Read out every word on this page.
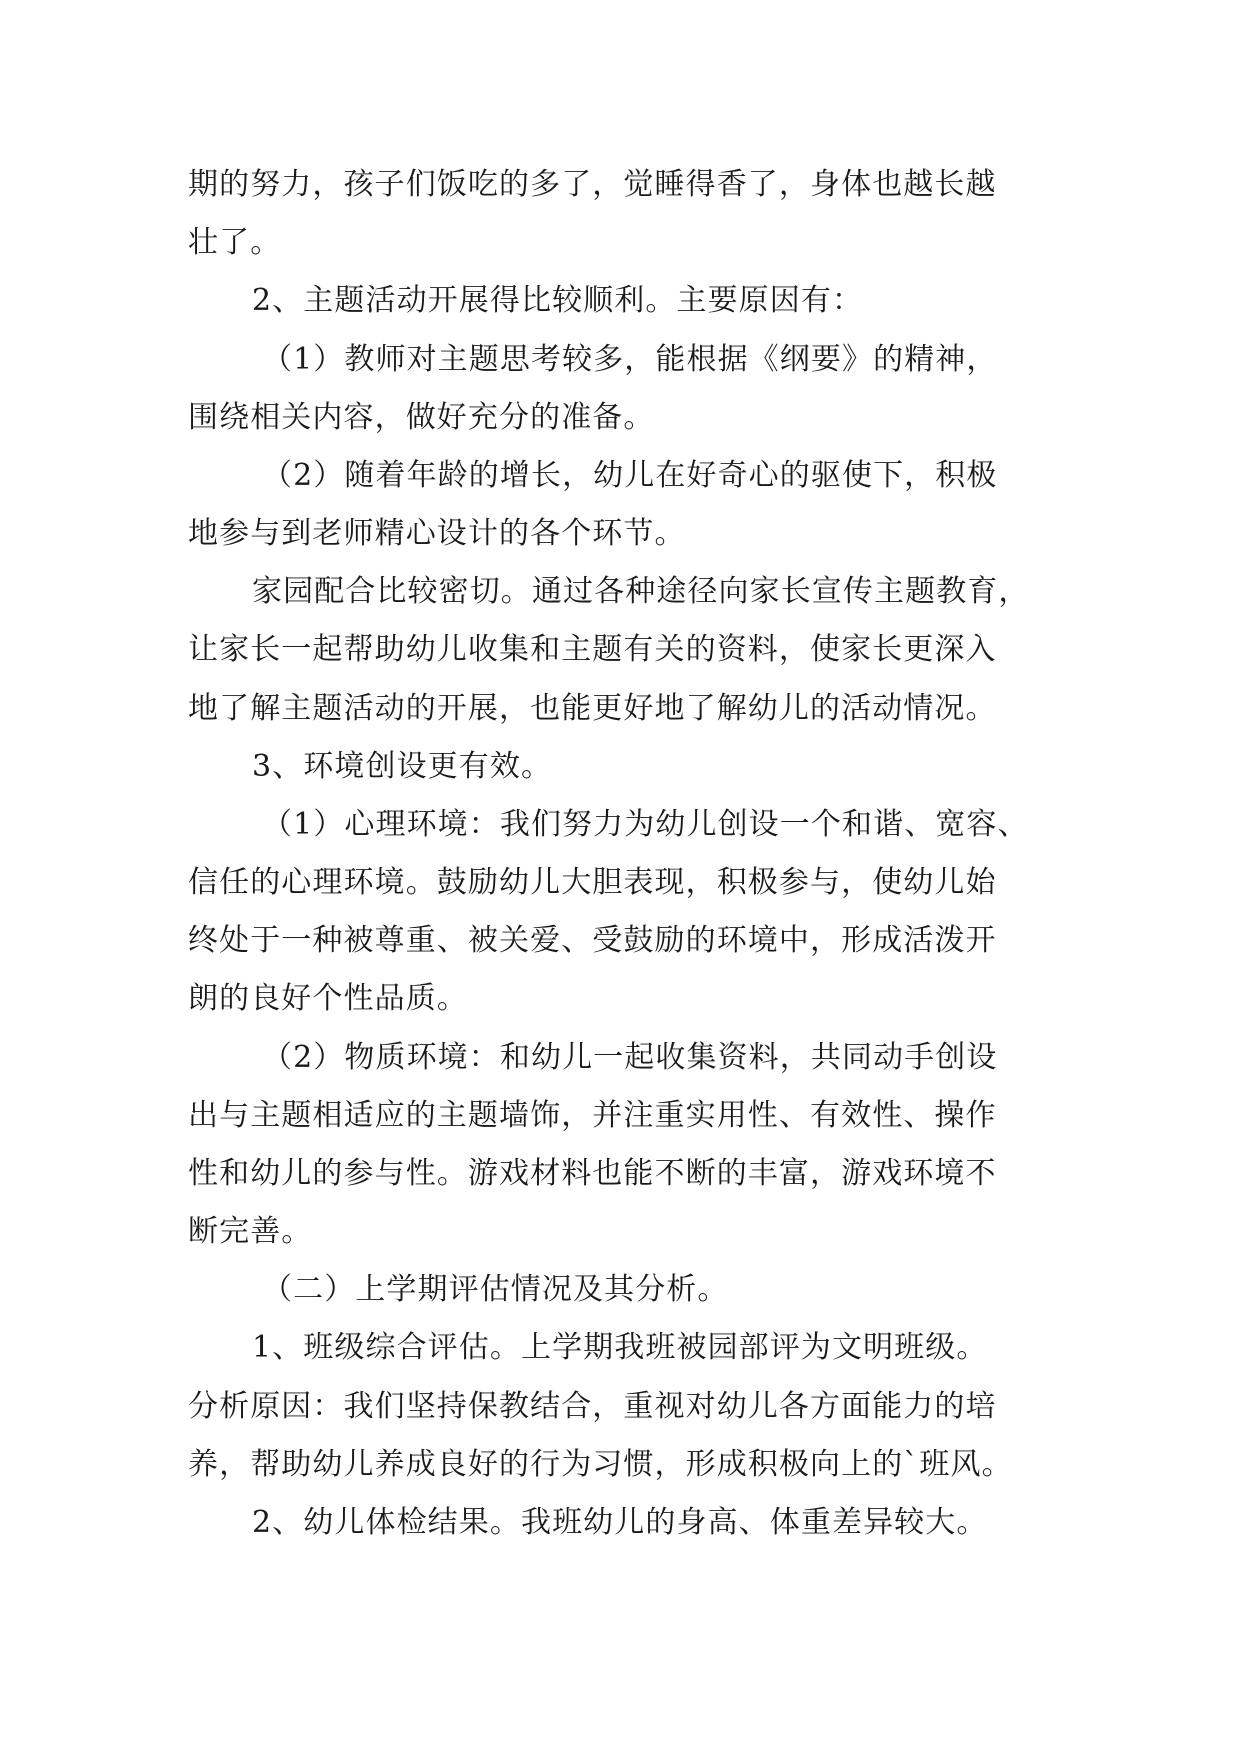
期的努力，孩子们饭吃的多了，觉睡得香了，身体也越长越
壮了。
2、主题活动开展得比较顺利。主要原因有：
（1）教师对主题思考较多，能根据《纲要》的精神，
围绕相关内容，做好充分的准备。
（2）随着年龄的增长，幼儿在好奇心的驱使下，积极
地参与到老师精心设计的各个环节。
家园配合比较密切。通过各种途径向家长宣传主题教育，
让家长一起帮助幼儿收集和主题有关的资料，使家长更深入
地了解主题活动的开展，也能更好地了解幼儿的活动情况。
3、环境创设更有效。
（1）心理环境：我们努力为幼儿创设一个和谐、宽容、
信任的心理环境。鼓励幼儿大胆表现，积极参与，使幼儿始
终处于一种被尊重、被关爱、受鼓励的环境中，形成活泼开
朗的良好个性品质。
（2）物质环境：和幼儿一起收集资料，共同动手创设
出与主题相适应的主题墙饰，并注重实用性、有效性、操作
性和幼儿的参与性。游戏材料也能不断的丰富，游戏环境不
断完善。
（二）上学期评估情况及其分析。
1、班级综合评估。上学期我班被园部评为文明班级。
分析原因：我们坚持保教结合，重视对幼儿各方面能力的培
养，帮助幼儿养成良好的行为习惯，形成积极向上的`班风。
2、幼儿体检结果。我班幼儿的身高、体重差异较大。
